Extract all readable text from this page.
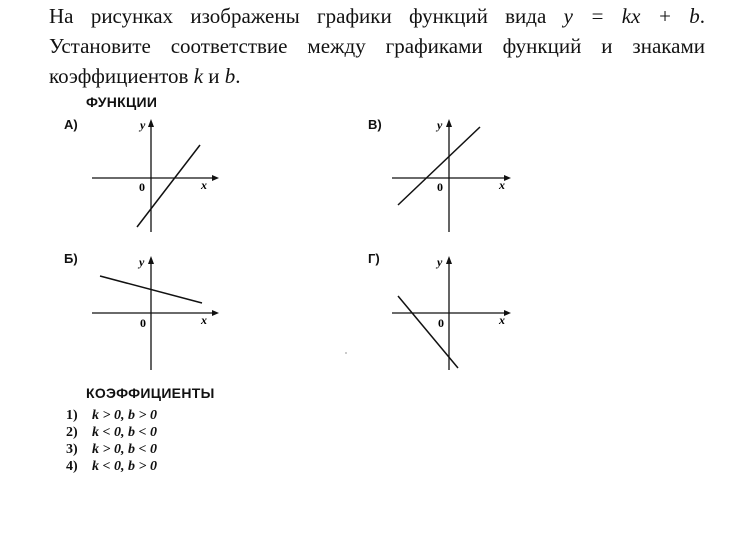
На рисунках изображены графики функций вида y = kx + b.
Установите соответствие между графиками функций и знаками
коэффициентов k и b.
ФУНКЦИИ
А)	y
x
0
В)	y
x
0
Б)	y
x
0
Г)	y
x
0
КОЭФФИЦИЕНТЫ
1) k > 0, b > 0
2) k < 0, b < 0
3) k > 0, b < 0
4) k < 0, b > 0
